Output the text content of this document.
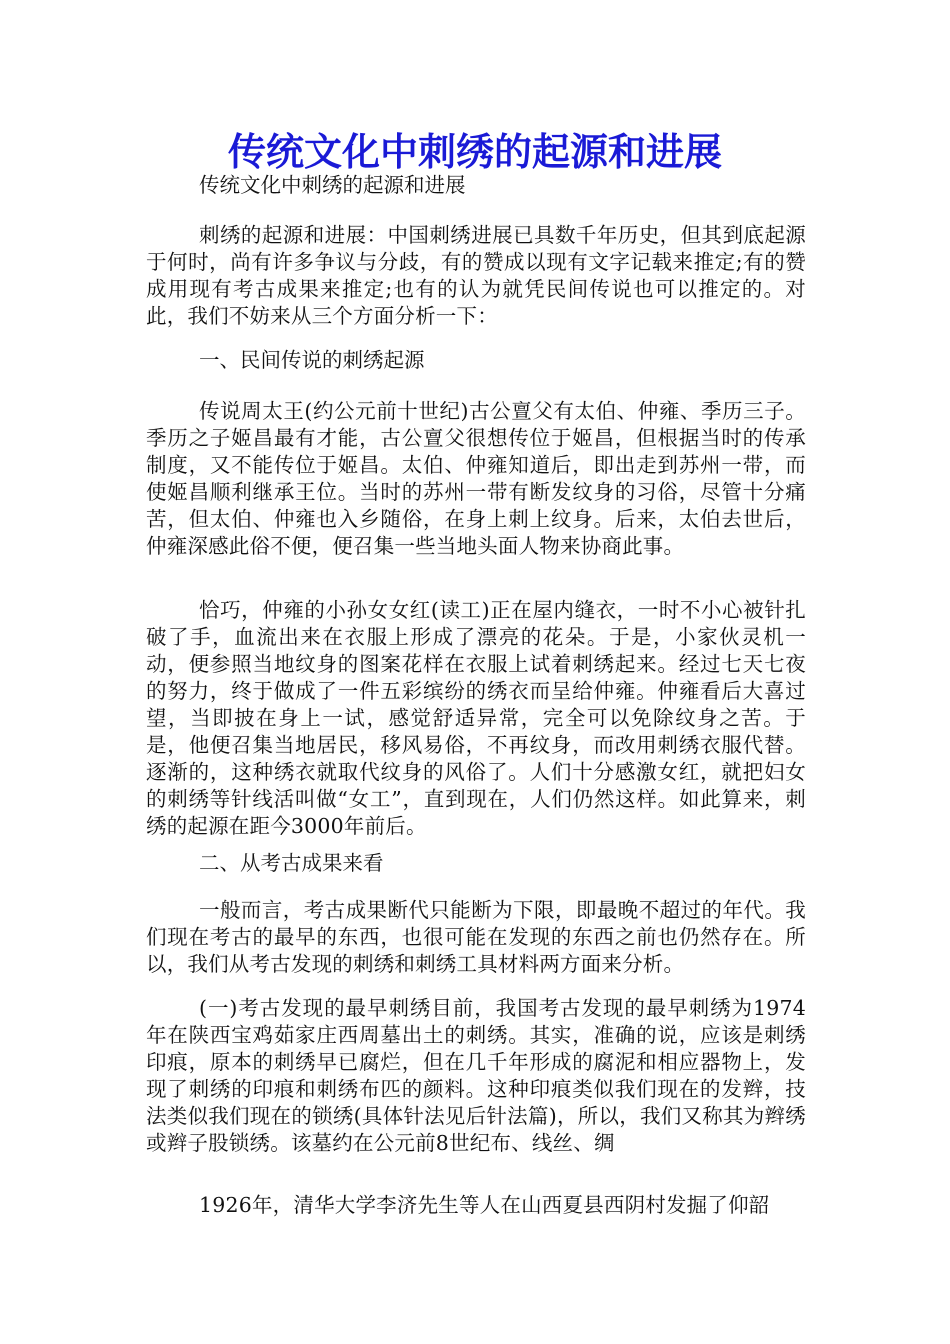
传统文化中刺绣的起源和进展

传统文化中刺绣的起源和进展

刺绣的起源和进展：中国刺绣进展已具数千年历史，但其到底起源于何时，尚有许多争议与分歧，有的赞成以现有文字记载来推定;有的赞成用现有考古成果来推定;也有的认为就凭民间传说也可以推定的。对此，我们不妨来从三个方面分析一下：

一、民间传说的刺绣起源

传说周太王(约公元前十世纪)古公亶父有太伯、仲雍、季历三子。季历之子姬昌最有才能，古公亶父很想传位于姬昌，但根据当时的传承制度，又不能传位于姬昌。太伯、仲雍知道后，即出走到苏州一带，而使姬昌顺利继承王位。当时的苏州一带有断发纹身的习俗，尽管十分痛苦，但太伯、仲雍也入乡随俗，在身上刺上纹身。后来，太伯去世后，仲雍深感此俗不便，便召集一些当地头面人物来协商此事。

恰巧，仲雍的小孙女女红(读工)正在屋内缝衣，一时不小心被针扎破了手，血流出来在衣服上形成了漂亮的花朵。于是，小家伙灵机一动，便参照当地纹身的图案花样在衣服上试着刺绣起来。经过七天七夜的努力，终于做成了一件五彩缤纷的绣衣而呈给仲雍。仲雍看后大喜过望，当即披在身上一试，感觉舒适异常，完全可以免除纹身之苦。于是，他便召集当地居民，移风易俗，不再纹身，而改用刺绣衣服代替。逐渐的，这种绣衣就取代纹身的风俗了。人们十分感激女红，就把妇女的刺绣等针线活叫做“女工”，直到现在，人们仍然这样。如此算来，刺绣的起源在距今3000年前后。

二、从考古成果来看

一般而言，考古成果断代只能断为下限，即最晚不超过的年代。我们现在考古的最早的东西，也很可能在发现的东西之前也仍然存在。所以，我们从考古发现的刺绣和刺绣工具材料两方面来分析。

(一)考古发现的最早刺绣目前，我国考古发现的最早刺绣为1974年在陕西宝鸡茹家庄西周墓出土的刺绣。其实，准确的说，应该是刺绣印痕，原本的刺绣早已腐烂，但在几千年形成的腐泥和相应器物上，发现了刺绣的印痕和刺绣布匹的颜料。这种印痕类似我们现在的发辫，技法类似我们现在的锁绣(具体针法见后针法篇)，所以，我们又称其为辫绣或辫子股锁绣。该墓约在公元前8世纪布、线丝、绸

1926年，清华大学李济先生等人在山西夏县西阴村发掘了仰韶
